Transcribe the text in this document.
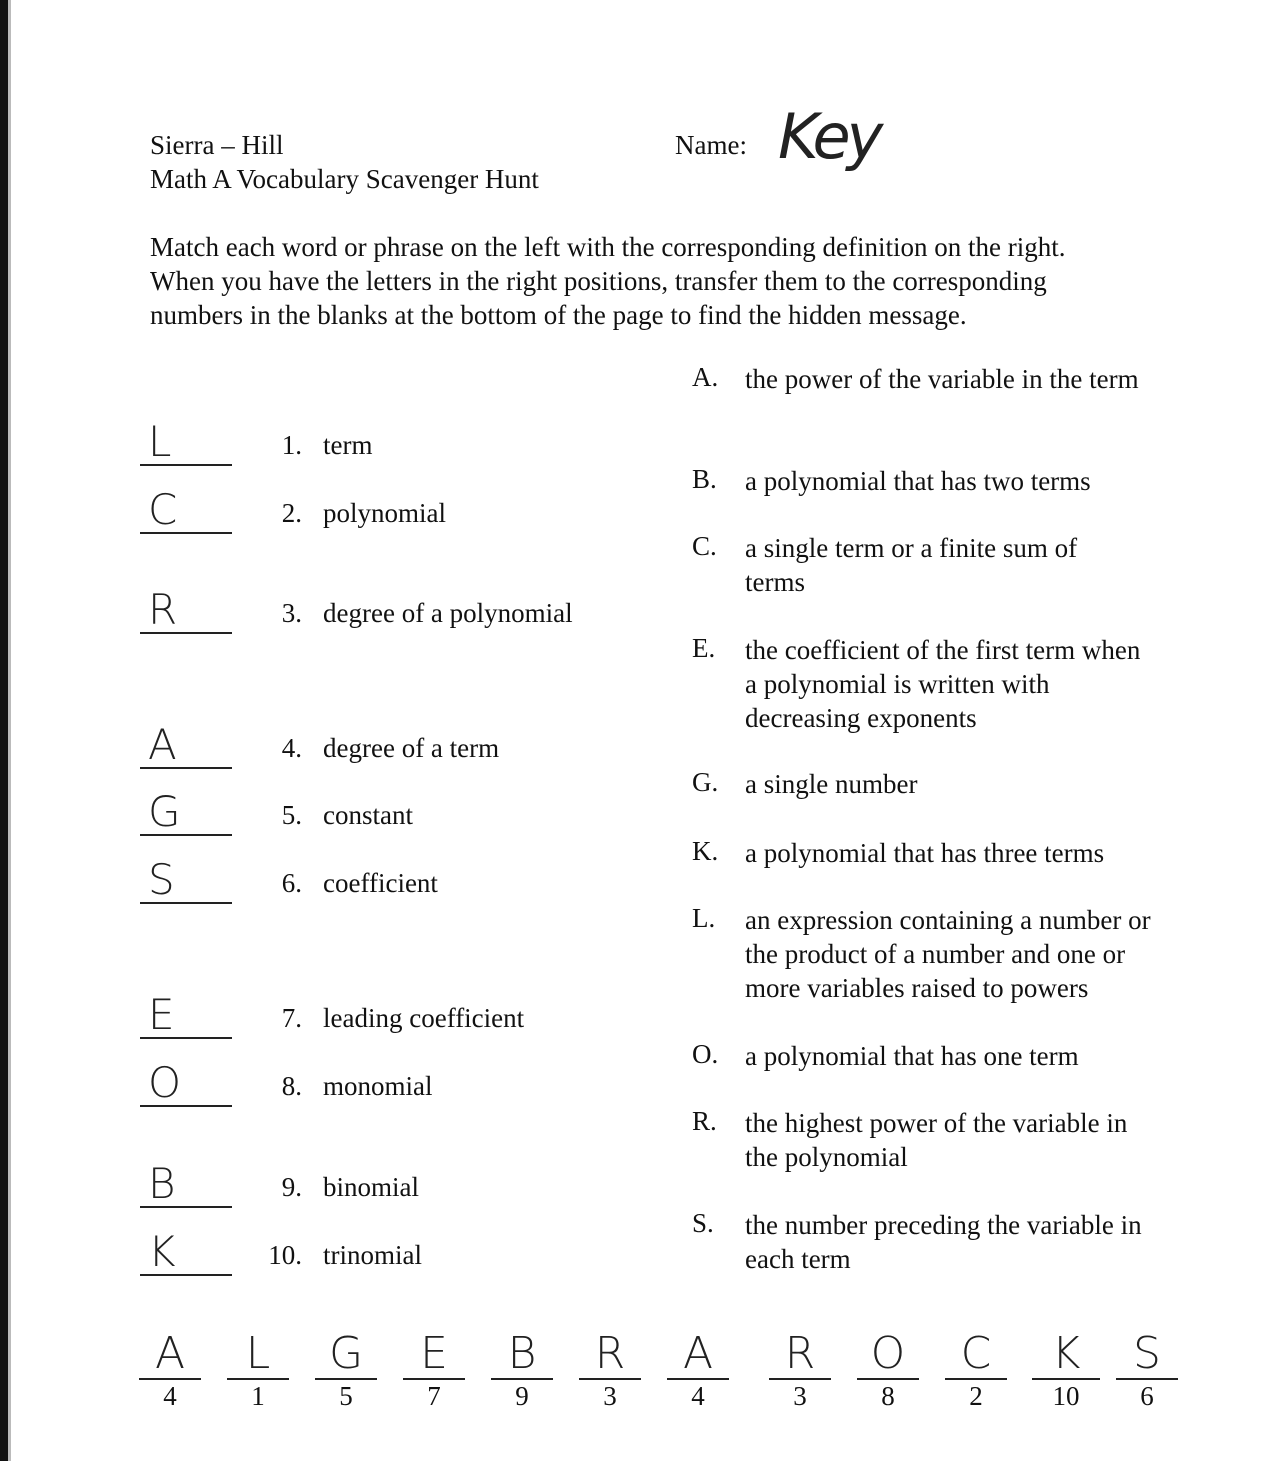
Sierra – Hill
Math A Vocabulary Scavenger Hunt
Name: Key
Match each word or phrase on the left with the corresponding definition on the right.
When you have the letters in the right positions, transfer them to the corresponding
numbers in the blanks at the bottom of the page to find the hidden message.
L	1. term
C	2. polynomial
R	3. degree of a polynomial
A	4. degree of a term
G	5. constant
S	6. coefficient
E	7. leading coefficient
O	8. monomial
B	9. binomial
K	10. trinomial
A. the power of the variable in the term
B.	a polynomial that has two terms
C.	a single term or a finite sum of terms
E.	the coefficient of the first term when a polynomial is written with decreasing exponents
G. a single number
K. a polynomial that has three terms
L.	an expression containing a number or the product of a number and one or more variables raised to powers
O. a polynomial that has one term
R.	the highest power of the variable in the polynomial
S.	the number preceding the variable in each term
A
4
L
1
G
5
E
7
B
9
R
3
A
4
R
3
O
8
C
2
K
10
S
6
